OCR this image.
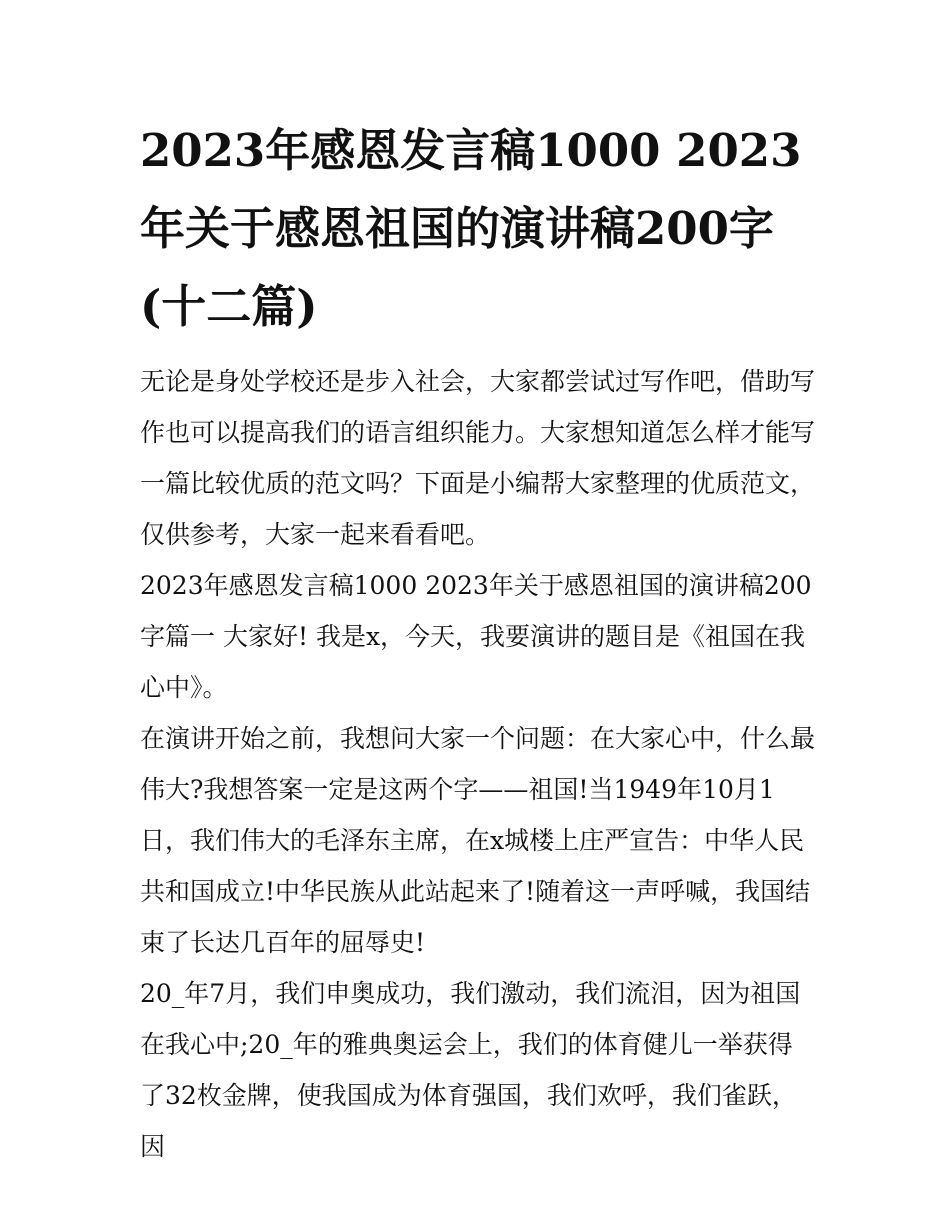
2023年感恩发言稿1000 2023年关于感恩祖国的演讲稿200字(十二篇)

无论是身处学校还是步入社会，大家都尝试过写作吧，借助写作也可以提高我们的语言组织能力。大家想知道怎么样才能写一篇比较优质的范文吗？下面是小编帮大家整理的优质范文，仅供参考，大家一起来看看吧。

2023年感恩发言稿1000 2023年关于感恩祖国的演讲稿200字篇一 大家好! 我是x，今天，我要演讲的题目是《祖国在我心中》。

在演讲开始之前，我想问大家一个问题：在大家心中，什么最伟大?我想答案一定是这两个字——祖国!当1949年10月1日，我们伟大的毛泽东主席，在x城楼上庄严宣告：中华人民共和国成立!中华民族从此站起来了!随着这一声呼喊，我国结束了长达几百年的屈辱史!

20_年7月，我们申奥成功，我们激动，我们流泪，因为祖国在我心中;20_年的雅典奥运会上，我们的体育健儿一举获得了32枚金牌，使我国成为体育强国，我们欢呼，我们雀跃，因
